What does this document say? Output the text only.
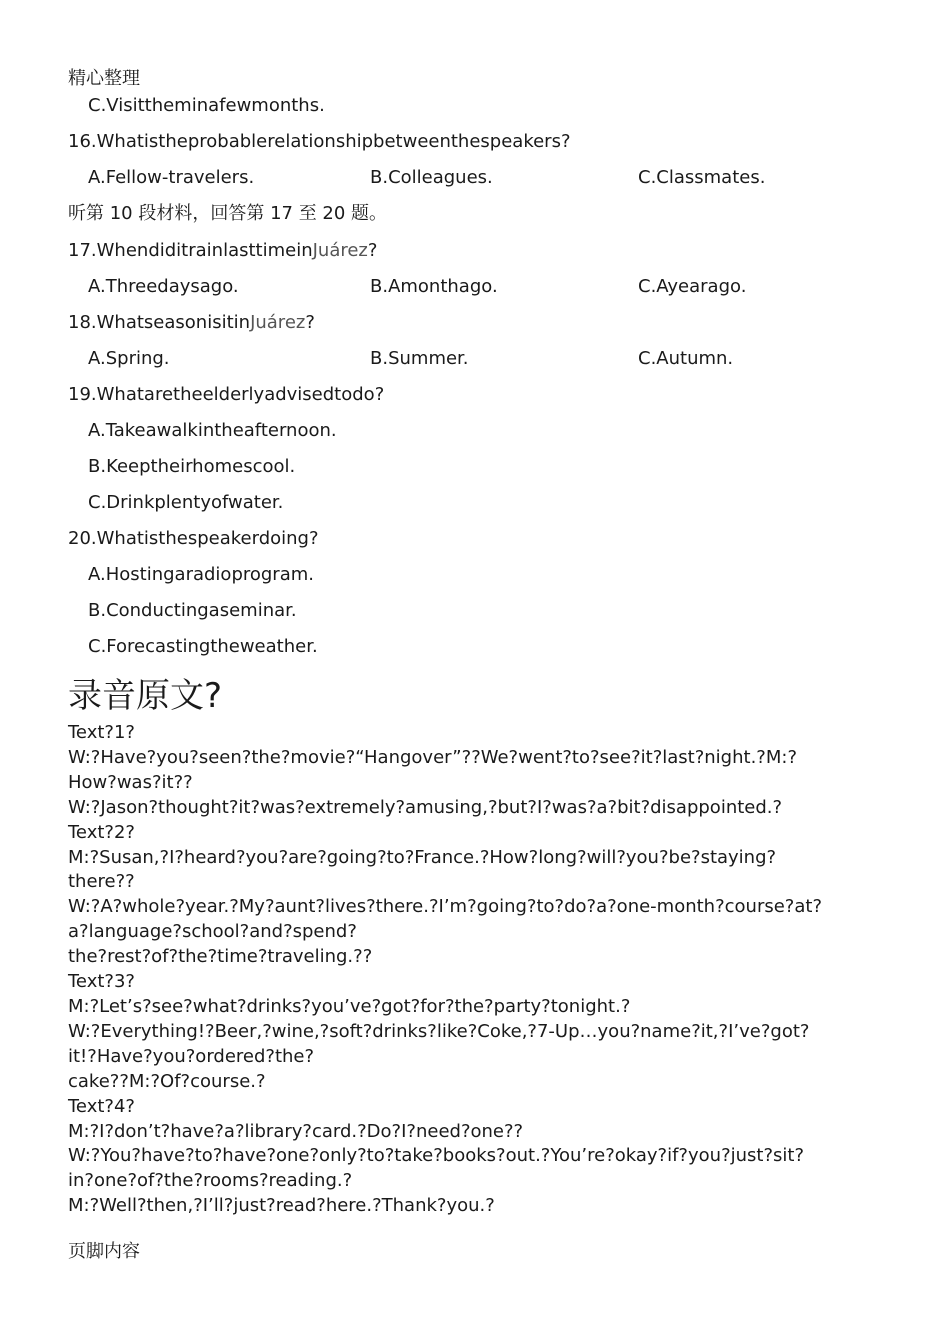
精心整理
C.Visittheminafewmonths.
16.Whatistheprobablerelationshipbetweenthespeakers?
A.Fellow-travelers.	B.Colleagues.	C.Classmates.
听第 10 段材料，回答第 17 至 20 题。
17.WhendiditrainlasttimeinJuárez?
A.Threedaysago.	B.Amonthago.	C.Ayearago.
18.WhatseasonisitinJuárez?
A.Spring.	B.Summer.	C.Autumn.
19.Whataretheelderlyadvisedtodo?
A.Takeawalkintheafternoon.
B.Keeptheirhomescool.
C.Drinkplentyofwater.
20.Whatisthespeakerdoing?
A.Hostingaradioprogram.
B.Conductingaseminar.
C.Forecastingtheweather.
录音原文?
Text?1?
W:?Have?you?seen?the?movie?“Hangover”??We?went?to?see?it?last?night.?M:?
How?was?it??
W:?Jason?thought?it?was?extremely?amusing,?but?I?was?a?bit?disappointed.?
Text?2?
M:?Susan,?I?heard?you?are?going?to?France.?How?long?will?you?be?staying?
there??
W:?A?whole?year.?My?aunt?lives?there.?I’m?going?to?do?a?one-month?course?at?
a?language?school?and?spend?
the?rest?of?the?time?traveling.??
Text?3?
M:?Let’s?see?what?drinks?you’ve?got?for?the?party?tonight.?
W:?Everything!?Beer,?wine,?soft?drinks?like?Coke,?7-Up…you?name?it,?I’ve?got?
it!?Have?you?ordered?the?
cake??M:?Of?course.?
Text?4?
M:?I?don’t?have?a?library?card.?Do?I?need?one??
W:?You?have?to?have?one?only?to?take?books?out.?You’re?okay?if?you?just?sit?
in?one?of?the?rooms?reading.?
M:?Well?then,?I’ll?just?read?here.?Thank?you.?
页脚内容
